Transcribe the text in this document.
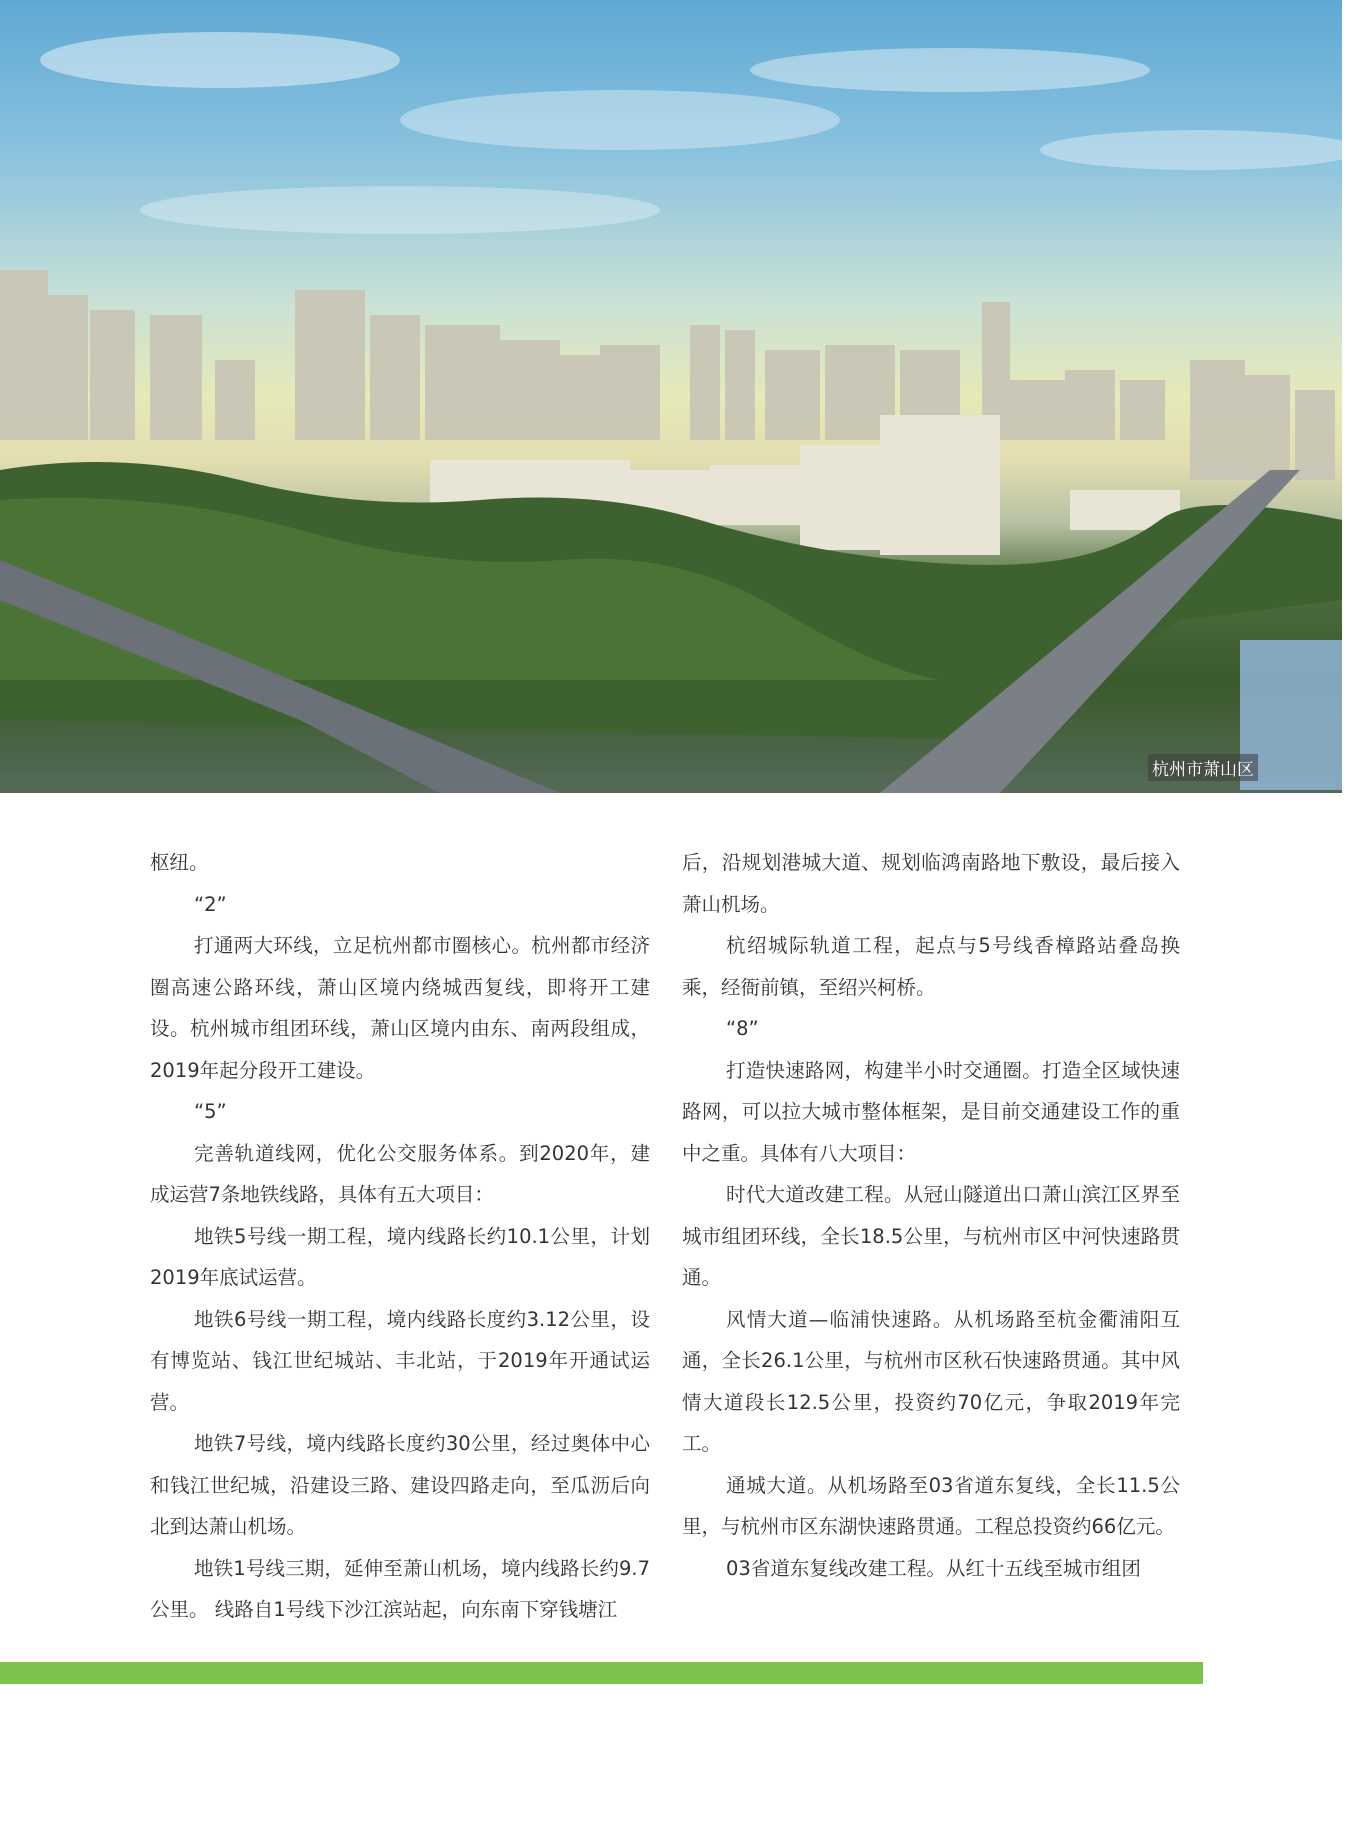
杭州市萧山区

枢纽。

“2”

打通两大环线，立足杭州都市圈核心。杭州都市经济圈高速公路环线，萧山区境内绕城西复线，即将开工建设。杭州城市组团环线，萧山区境内由东、南两段组成，2019年起分段开工建设。

“5”

完善轨道线网，优化公交服务体系。到2020年，建成运营7条地铁线路，具体有五大项目：

地铁5号线一期工程，境内线路长约10.1公里，计划2019年底试运营。

地铁6号线一期工程，境内线路长度约3.12公里，设有博览站、钱江世纪城站、丰北站，于2019年开通试运营。

地铁7号线，境内线路长度约30公里，经过奥体中心和钱江世纪城，沿建设三路、建设四路走向，至瓜沥后向北到达萧山机场。

地铁1号线三期，延伸至萧山机场，境内线路长约9.7公里。 线路自1号线下沙江滨站起，向东南下穿钱塘江

后，沿规划港城大道、规划临鸿南路地下敷设，最后接入萧山机场。

杭绍城际轨道工程，起点与5号线香樟路站叠岛换乘，经衙前镇，至绍兴柯桥。

“8”

打造快速路网，构建半小时交通圈。打造全区域快速路网，可以拉大城市整体框架，是目前交通建设工作的重中之重。具体有八大项目：

时代大道改建工程。从冠山隧道出口萧山滨江区界至城市组团环线，全长18.5公里，与杭州市区中河快速路贯通。

风情大道—临浦快速路。从机场路至杭金衢浦阳互通，全长26.1公里，与杭州市区秋石快速路贯通。其中风情大道段长12.5公里，投资约70亿元，争取2019年完工。

通城大道。从机场路至03省道东复线，全长11.5公里，与杭州市区东湖快速路贯通。工程总投资约66亿元。

03省道东复线改建工程。从红十五线至城市组团
